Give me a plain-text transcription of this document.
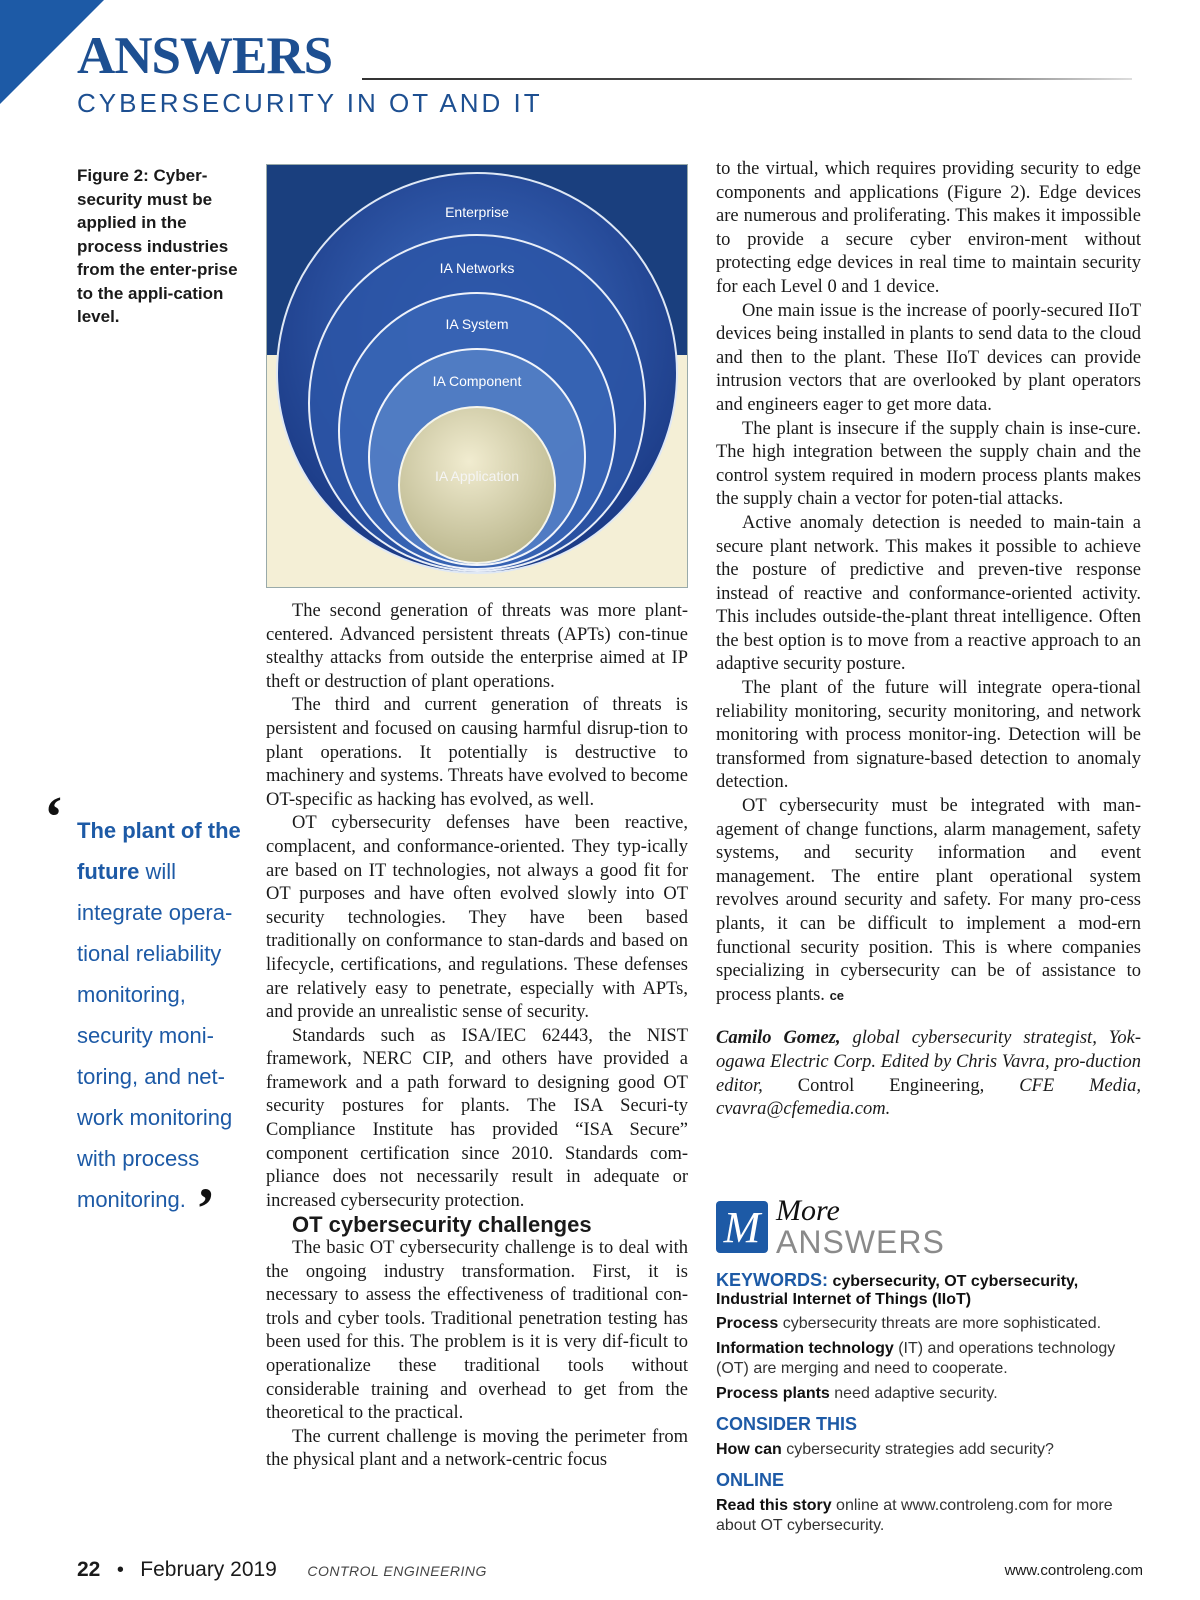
ANSWERS
CYBERSECURITY IN OT AND IT
Figure 2: Cyber-security must be applied in the process industries from the enter-prise to the appli-cation level.
Enterprise
IA Networks
IA System
IA Component
IA Application
‘ The plant of the future will integrate opera-tional reliability monitoring, security moni-toring, and net-work monitoring with process monitoring. ’

The second generation of threats was more plant-centered. Advanced persistent threats (APTs) con-tinue stealthy attacks from outside the enterprise aimed at IP theft or destruction of plant operations.

The third and current generation of threats is persistent and focused on causing harmful disrup-tion to plant operations. It potentially is destructive to machinery and systems. Threats have evolved to become OT-specific as hacking has evolved, as well.

OT cybersecurity defenses have been reactive, complacent, and conformance-oriented. They typ-ically are based on IT technologies, not always a good fit for OT purposes and have often evolved slowly into OT security technologies. They have been based traditionally on conformance to stan-dards and based on lifecycle, certifications, and regulations. These defenses are relatively easy to penetrate, especially with APTs, and provide an unrealistic sense of security.

Standards such as ISA/IEC 62443, the NIST framework, NERC CIP, and others have provided a framework and a path forward to designing good OT security postures for plants. The ISA Securi-ty Compliance Institute has provided “ISA Secure” component certification since 2010. Standards com-pliance does not necessarily result in adequate or increased cybersecurity protection.

OT cybersecurity challenges

The basic OT cybersecurity challenge is to deal with the ongoing industry transformation. First, it is necessary to assess the effectiveness of traditional con-trols and cyber tools. Traditional penetration testing has been used for this. The problem is it is very dif-ficult to operationalize these traditional tools without considerable training and overhead to get from the theoretical to the practical.

The current challenge is moving the perimeter from the physical plant and a network-centric focus

to the virtual, which requires providing security to edge components and applications (Figure 2). Edge devices are numerous and proliferating. This makes it impossible to provide a secure cyber environ-ment without protecting edge devices in real time to maintain security for each Level 0 and 1 device.

One main issue is the increase of poorly-secured IIoT devices being installed in plants to send data to the cloud and then to the plant. These IIoT devices can provide intrusion vectors that are overlooked by plant operators and engineers eager to get more data.

The plant is insecure if the supply chain is inse-cure. The high integration between the supply chain and the control system required in modern process plants makes the supply chain a vector for poten-tial attacks.

Active anomaly detection is needed to main-tain a secure plant network. This makes it possible to achieve the posture of predictive and preven-tive response instead of reactive and conformance-oriented activity. This includes outside-the-plant threat intelligence. Often the best option is to move from a reactive approach to an adaptive security posture.

The plant of the future will integrate opera-tional reliability monitoring, security monitoring, and network monitoring with process monitor-ing. Detection will be transformed from signature-based detection to anomaly detection.

OT cybersecurity must be integrated with man-agement of change functions, alarm management, safety systems, and security information and event management. The entire plant operational system revolves around security and safety. For many pro-cess plants, it can be difficult to implement a mod-ern functional security position. This is where companies specializing in cybersecurity can be of assistance to process plants. ce

Camilo Gomez, global cybersecurity strategist, Yok-ogawa Electric Corp. Edited by Chris Vavra, pro-duction editor, Control Engineering, CFE Media, cvavra@cfemedia.com.

M More
ANSWERS
KEYWORDS: cybersecurity, OT cybersecurity, Industrial Internet of Things (IIoT)
Process cybersecurity threats are more sophisticated.
Information technology (IT) and operations technology (OT) are merging and need to cooperate.
Process plants need adaptive security.
CONSIDER THIS
How can cybersecurity strategies add security?
ONLINE
Read this story online at www.controleng.com for more about OT cybersecurity.
22 • February 2019 CONTROL ENGINEERING	www.controleng.com
